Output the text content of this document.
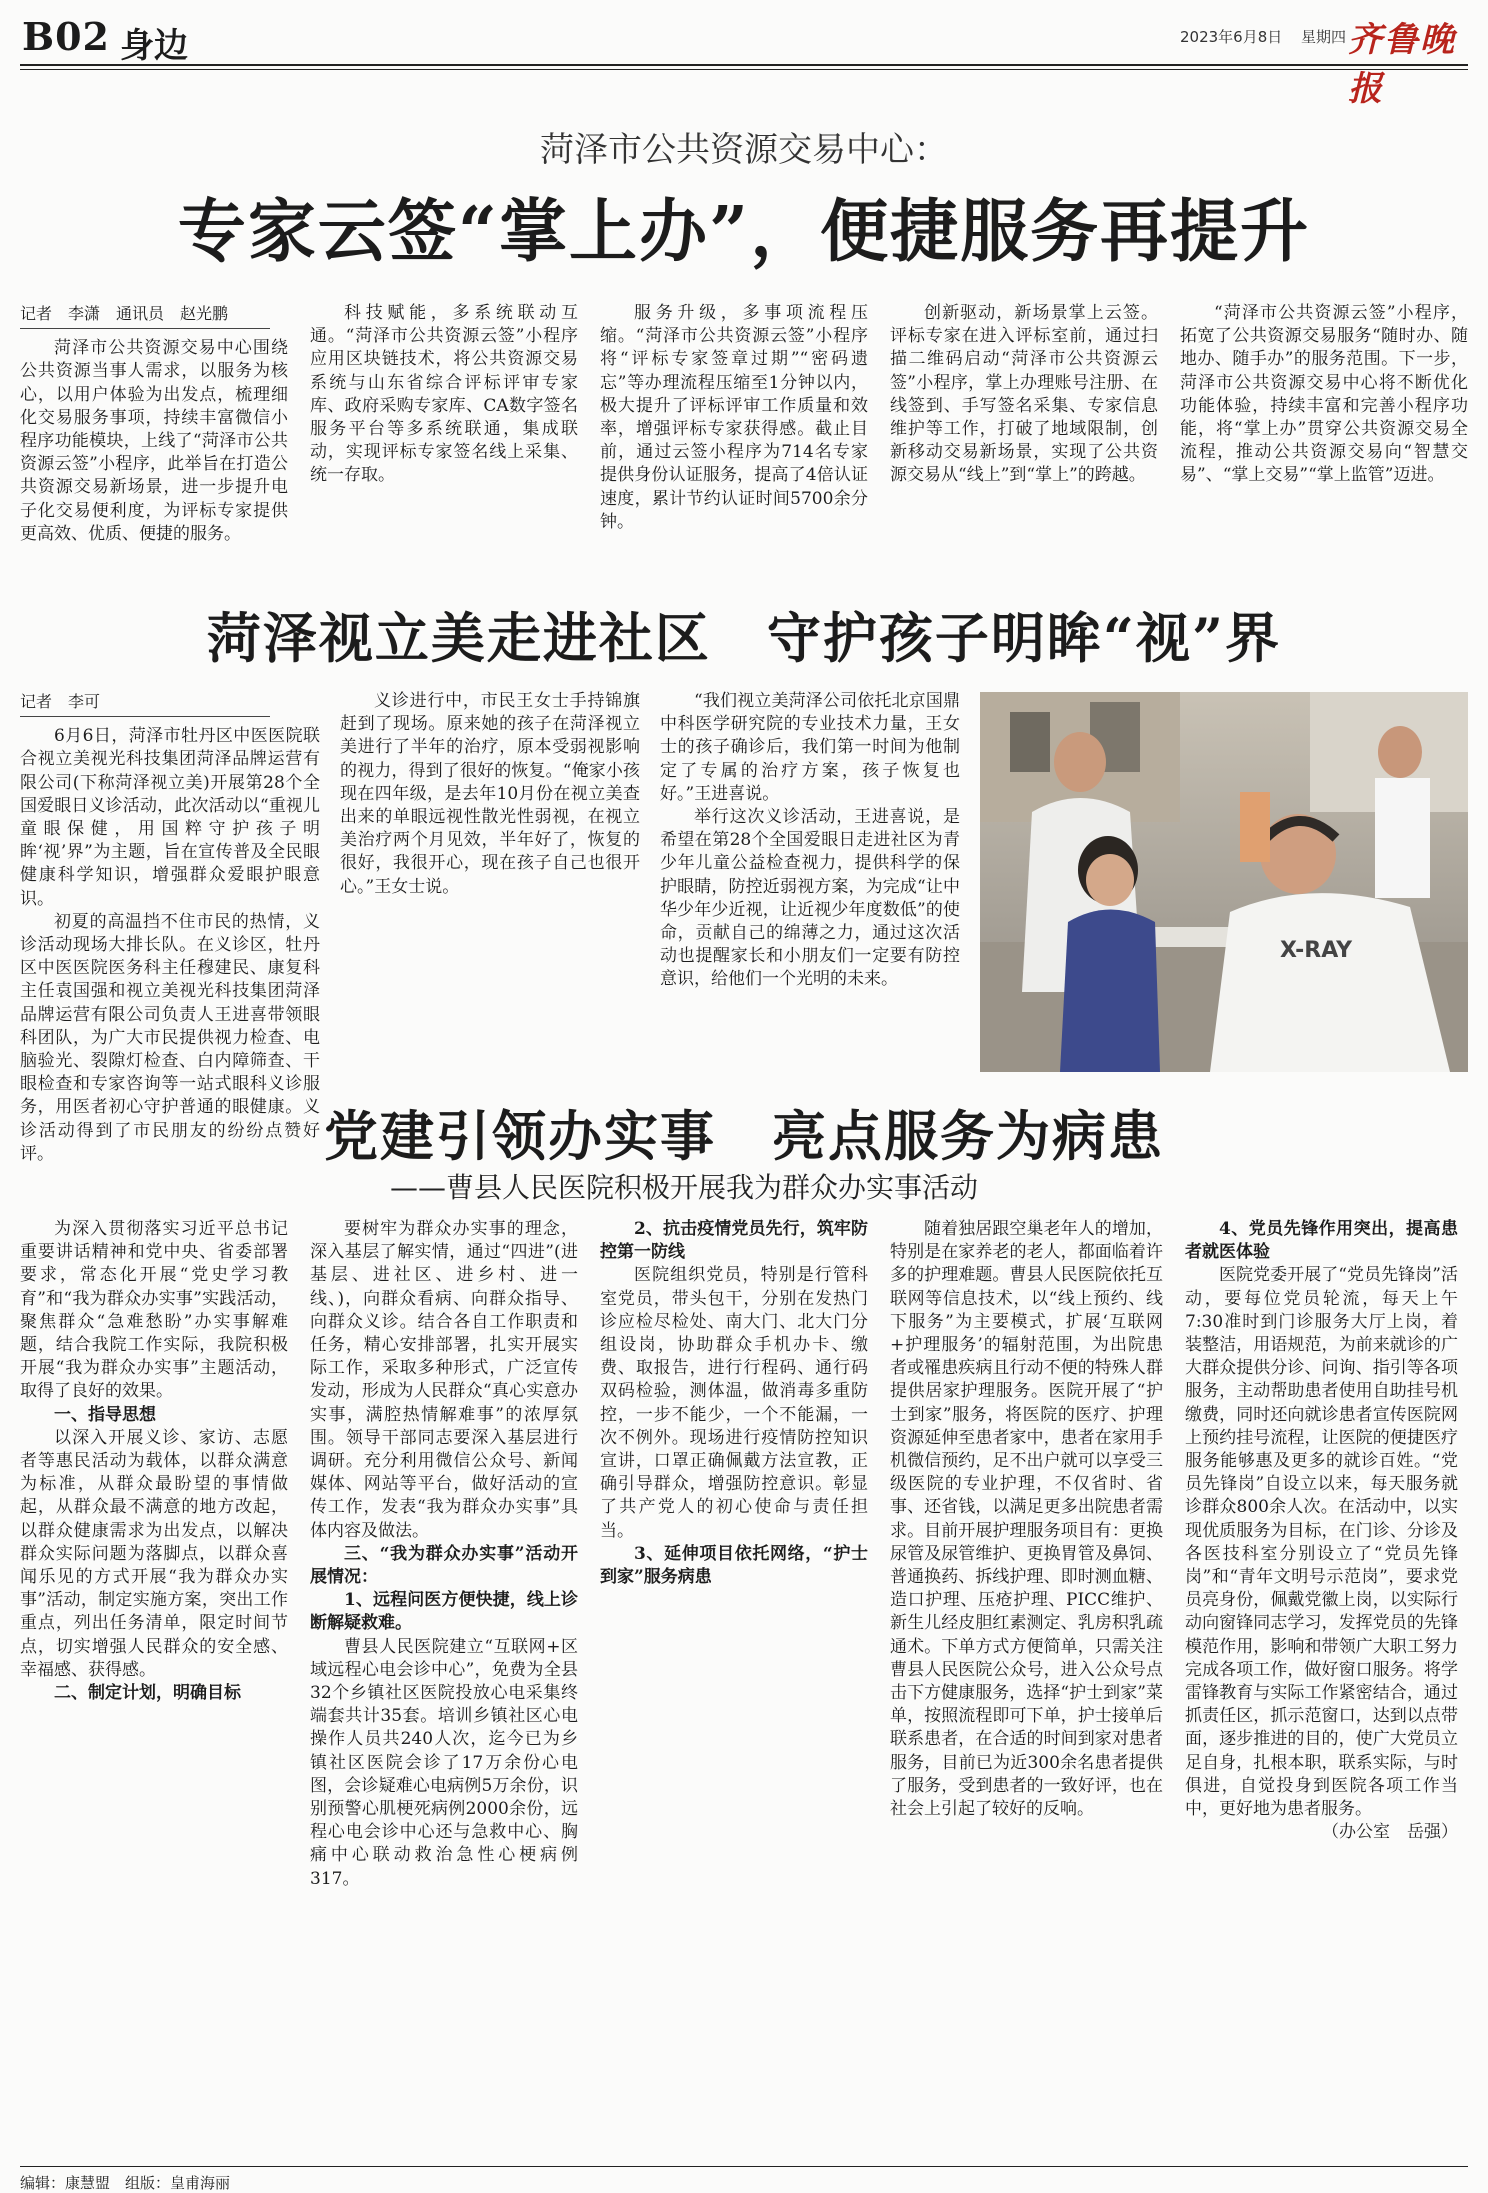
B02 身边	2023年6月8日 星期四 齐鲁晚报
菏泽市公共资源交易中心：
专家云签“掌上办”，便捷服务再提升

记者　李潇　通讯员　赵光鹏

菏泽市公共资源交易中心围绕公共资源当事人需求，以服务为核心，以用户体验为出发点，梳理细化交易服务事项，持续丰富微信小程序功能模块，上线了“菏泽市公共资源云签”小程序，此举旨在打造公共资源交易新场景，进一步提升电子化交易便利度，为评标专家提供更高效、优质、便捷的服务。

科技赋能，多系统联动互通。“菏泽市公共资源云签”小程序应用区块链技术，将公共资源交易系统与山东省综合评标评审专家库、政府采购专家库、CA数字签名服务平台等多系统联通，集成联动，实现评标专家签名线上采集、统一存取。

服务升级，多事项流程压缩。“菏泽市公共资源云签”小程序将“评标专家签章过期”“密码遗忘”等办理流程压缩至1分钟以内，极大提升了评标评审工作质量和效率，增强评标专家获得感。截止目前，通过云签小程序为714名专家提供身份认证服务，提高了4倍认证速度，累计节约认证时间5700余分钟。

创新驱动，新场景掌上云签。评标专家在进入评标室前，通过扫描二维码启动“菏泽市公共资源云签”小程序，掌上办理账号注册、在线签到、手写签名采集、专家信息维护等工作，打破了地域限制，创新移动交易新场景，实现了公共资源交易从“线上”到“掌上”的跨越。

“菏泽市公共资源云签”小程序，拓宽了公共资源交易服务“随时办、随地办、随手办”的服务范围。下一步，菏泽市公共资源交易中心将不断优化功能体验，持续丰富和完善小程序功能，将“掌上办”贯穿公共资源交易全流程，推动公共资源交易向“智慧交易”、“掌上交易”“掌上监管”迈进。

菏泽视立美走进社区　守护孩子明眸“视”界

记者　李可

6月6日，菏泽市牡丹区中医医院联合视立美视光科技集团菏泽品牌运营有限公司(下称菏泽视立美)开展第28个全国爱眼日义诊活动，此次活动以“重视儿童眼保健，用国粹守护孩子明眸‘视’界”为主题，旨在宣传普及全民眼健康科学知识，增强群众爱眼护眼意识。

初夏的高温挡不住市民的热情，义诊活动现场大排长队。在义诊区，牡丹区中医医院医务科主任穆建民、康复科主任袁国强和视立美视光科技集团菏泽品牌运营有限公司负责人王进喜带领眼科团队，为广大市民提供视力检查、电脑验光、裂隙灯检查、白内障筛查、干眼检查和专家咨询等一站式眼科义诊服务，用医者初心守护普通的眼健康。义诊活动得到了市民朋友的纷纷点赞好评。

义诊进行中，市民王女士手持锦旗赶到了现场。原来她的孩子在菏泽视立美进行了半年的治疗，原本受弱视影响的视力，得到了很好的恢复。“俺家小孩现在四年级，是去年10月份在视立美查出来的单眼远视性散光性弱视，在视立美治疗两个月见效，半年好了，恢复的很好，我很开心，现在孩子自己也很开心。”王女士说。

“我们视立美菏泽公司依托北京国鼎中科医学研究院的专业技术力量，王女士的孩子确诊后，我们第一时间为他制定了专属的治疗方案，孩子恢复也好。”王进喜说。

举行这次义诊活动，王进喜说，是希望在第28个全国爱眼日走进社区为青少年儿童公益检查视力，提供科学的保护眼睛，防控近弱视方案，为完成“让中华少年少近视，让近视少年度数低”的使命，贡献自己的绵薄之力，通过这次活动也提醒家长和小朋友们一定要有防控意识，给他们一个光明的未来。

X-RAY
党建引领办实事　亮点服务为病患
——曹县人民医院积极开展我为群众办实事活动

为深入贯彻落实习近平总书记重要讲话精神和党中央、省委部署要求，常态化开展“党史学习教育”和“我为群众办实事”实践活动，聚焦群众“急难愁盼”办实事解难题，结合我院工作实际，我院积极开展“我为群众办实事”主题活动，取得了良好的效果。

一、指导思想

以深入开展义诊、家访、志愿者等惠民活动为载体，以群众满意为标准，从群众最盼望的事情做起，从群众最不满意的地方改起，以群众健康需求为出发点，以解决群众实际问题为落脚点，以群众喜闻乐见的方式开展“我为群众办实事”活动，制定实施方案，突出工作重点，列出任务清单，限定时间节点，切实增强人民群众的安全感、幸福感、获得感。

二、制定计划，明确目标

要树牢为群众办实事的理念，深入基层了解实情，通过“四进”(进基层、进社区、进乡村、进一线、)，向群众看病、向群众指导、向群众义诊。结合各自工作职责和任务，精心安排部署，扎实开展实际工作，采取多种形式，广泛宣传发动，形成为人民群众“真心实意办实事，满腔热情解难事”的浓厚氛围。领导干部同志要深入基层进行调研。充分利用微信公众号、新闻媒体、网站等平台，做好活动的宣传工作，发表“我为群众办实事”具体内容及做法。

三、“我为群众办实事”活动开展情况：

1、远程问医方便快捷，线上诊断解疑救难。

曹县人民医院建立“互联网+区域远程心电会诊中心”，免费为全县32个乡镇社区医院投放心电采集终端套共计35套。培训乡镇社区心电操作人员共240人次，迄今已为乡镇社区医院会诊了17万余份心电图，会诊疑难心电病例5万余份，识别预警心肌梗死病例2000余份，远程心电会诊中心还与急救中心、胸痛中心联动救治急性心梗病例317。

2、抗击疫情党员先行，筑牢防控第一防线

医院组织党员，特别是行管科室党员，带头包干，分别在发热门诊应检尽检处、南大门、北大门分组设岗，协助群众手机办卡、缴费、取报告，进行行程码、通行码双码检验，测体温，做消毒多重防控，一步不能少，一个不能漏，一次不例外。现场进行疫情防控知识宣讲，口罩正确佩戴方法宣教，正确引导群众，增强防控意识。彰显了共产党人的初心使命与责任担当。

3、延伸项目依托网络，“护士到家”服务病患

随着独居跟空巢老年人的增加，特别是在家养老的老人，都面临着许多的护理难题。曹县人民医院依托互联网等信息技术，以“线上预约、线下服务”为主要模式，扩展‘互联网+护理服务’的辐射范围，为出院患者或罹患疾病且行动不便的特殊人群提供居家护理服务。医院开展了“护士到家”服务，将医院的医疗、护理资源延伸至患者家中，患者在家用手机微信预约，足不出户就可以享受三级医院的专业护理，不仅省时、省事、还省钱，以满足更多出院患者需求。目前开展护理服务项目有：更换尿管及尿管维护、更换胃管及鼻饲、普通换药、拆线护理、即时测血糖、造口护理、压疮护理、PICC维护、新生儿经皮胆红素测定、乳房积乳疏通术。下单方式方便简单，只需关注曹县人民医院公众号，进入公众号点击下方健康服务，选择“护士到家”菜单，按照流程即可下单，护士接单后联系患者，在合适的时间到家对患者服务，目前已为近300余名患者提供了服务，受到患者的一致好评，也在社会上引起了较好的反响。

4、党员先锋作用突出，提高患者就医体验

医院党委开展了“党员先锋岗”活动，要每位党员轮流，每天上午7:30准时到门诊服务大厅上岗，着装整洁，用语规范，为前来就诊的广大群众提供分诊、问询、指引等各项服务，主动帮助患者使用自助挂号机缴费，同时还向就诊患者宣传医院网上预约挂号流程，让医院的便捷医疗服务能够惠及更多的就诊百姓。“党员先锋岗”自设立以来，每天服务就诊群众800余人次。在活动中，以实现优质服务为目标，在门诊、分诊及各医技科室分别设立了“党员先锋岗”和“青年文明号示范岗”，要求党员亮身份，佩戴党徽上岗，以实际行动向窗锋同志学习，发挥党员的先锋模范作用，影响和带领广大职工努力完成各项工作，做好窗口服务。将学雷锋教育与实际工作紧密结合，通过抓责任区，抓示范窗口，达到以点带面，逐步推进的目的，使广大党员立足自身，扎根本职，联系实际，与时俱进，自觉投身到医院各项工作当中，更好地为患者服务。

（办公室　岳强）

编辑：康慧盟　组版：皇甫海丽
